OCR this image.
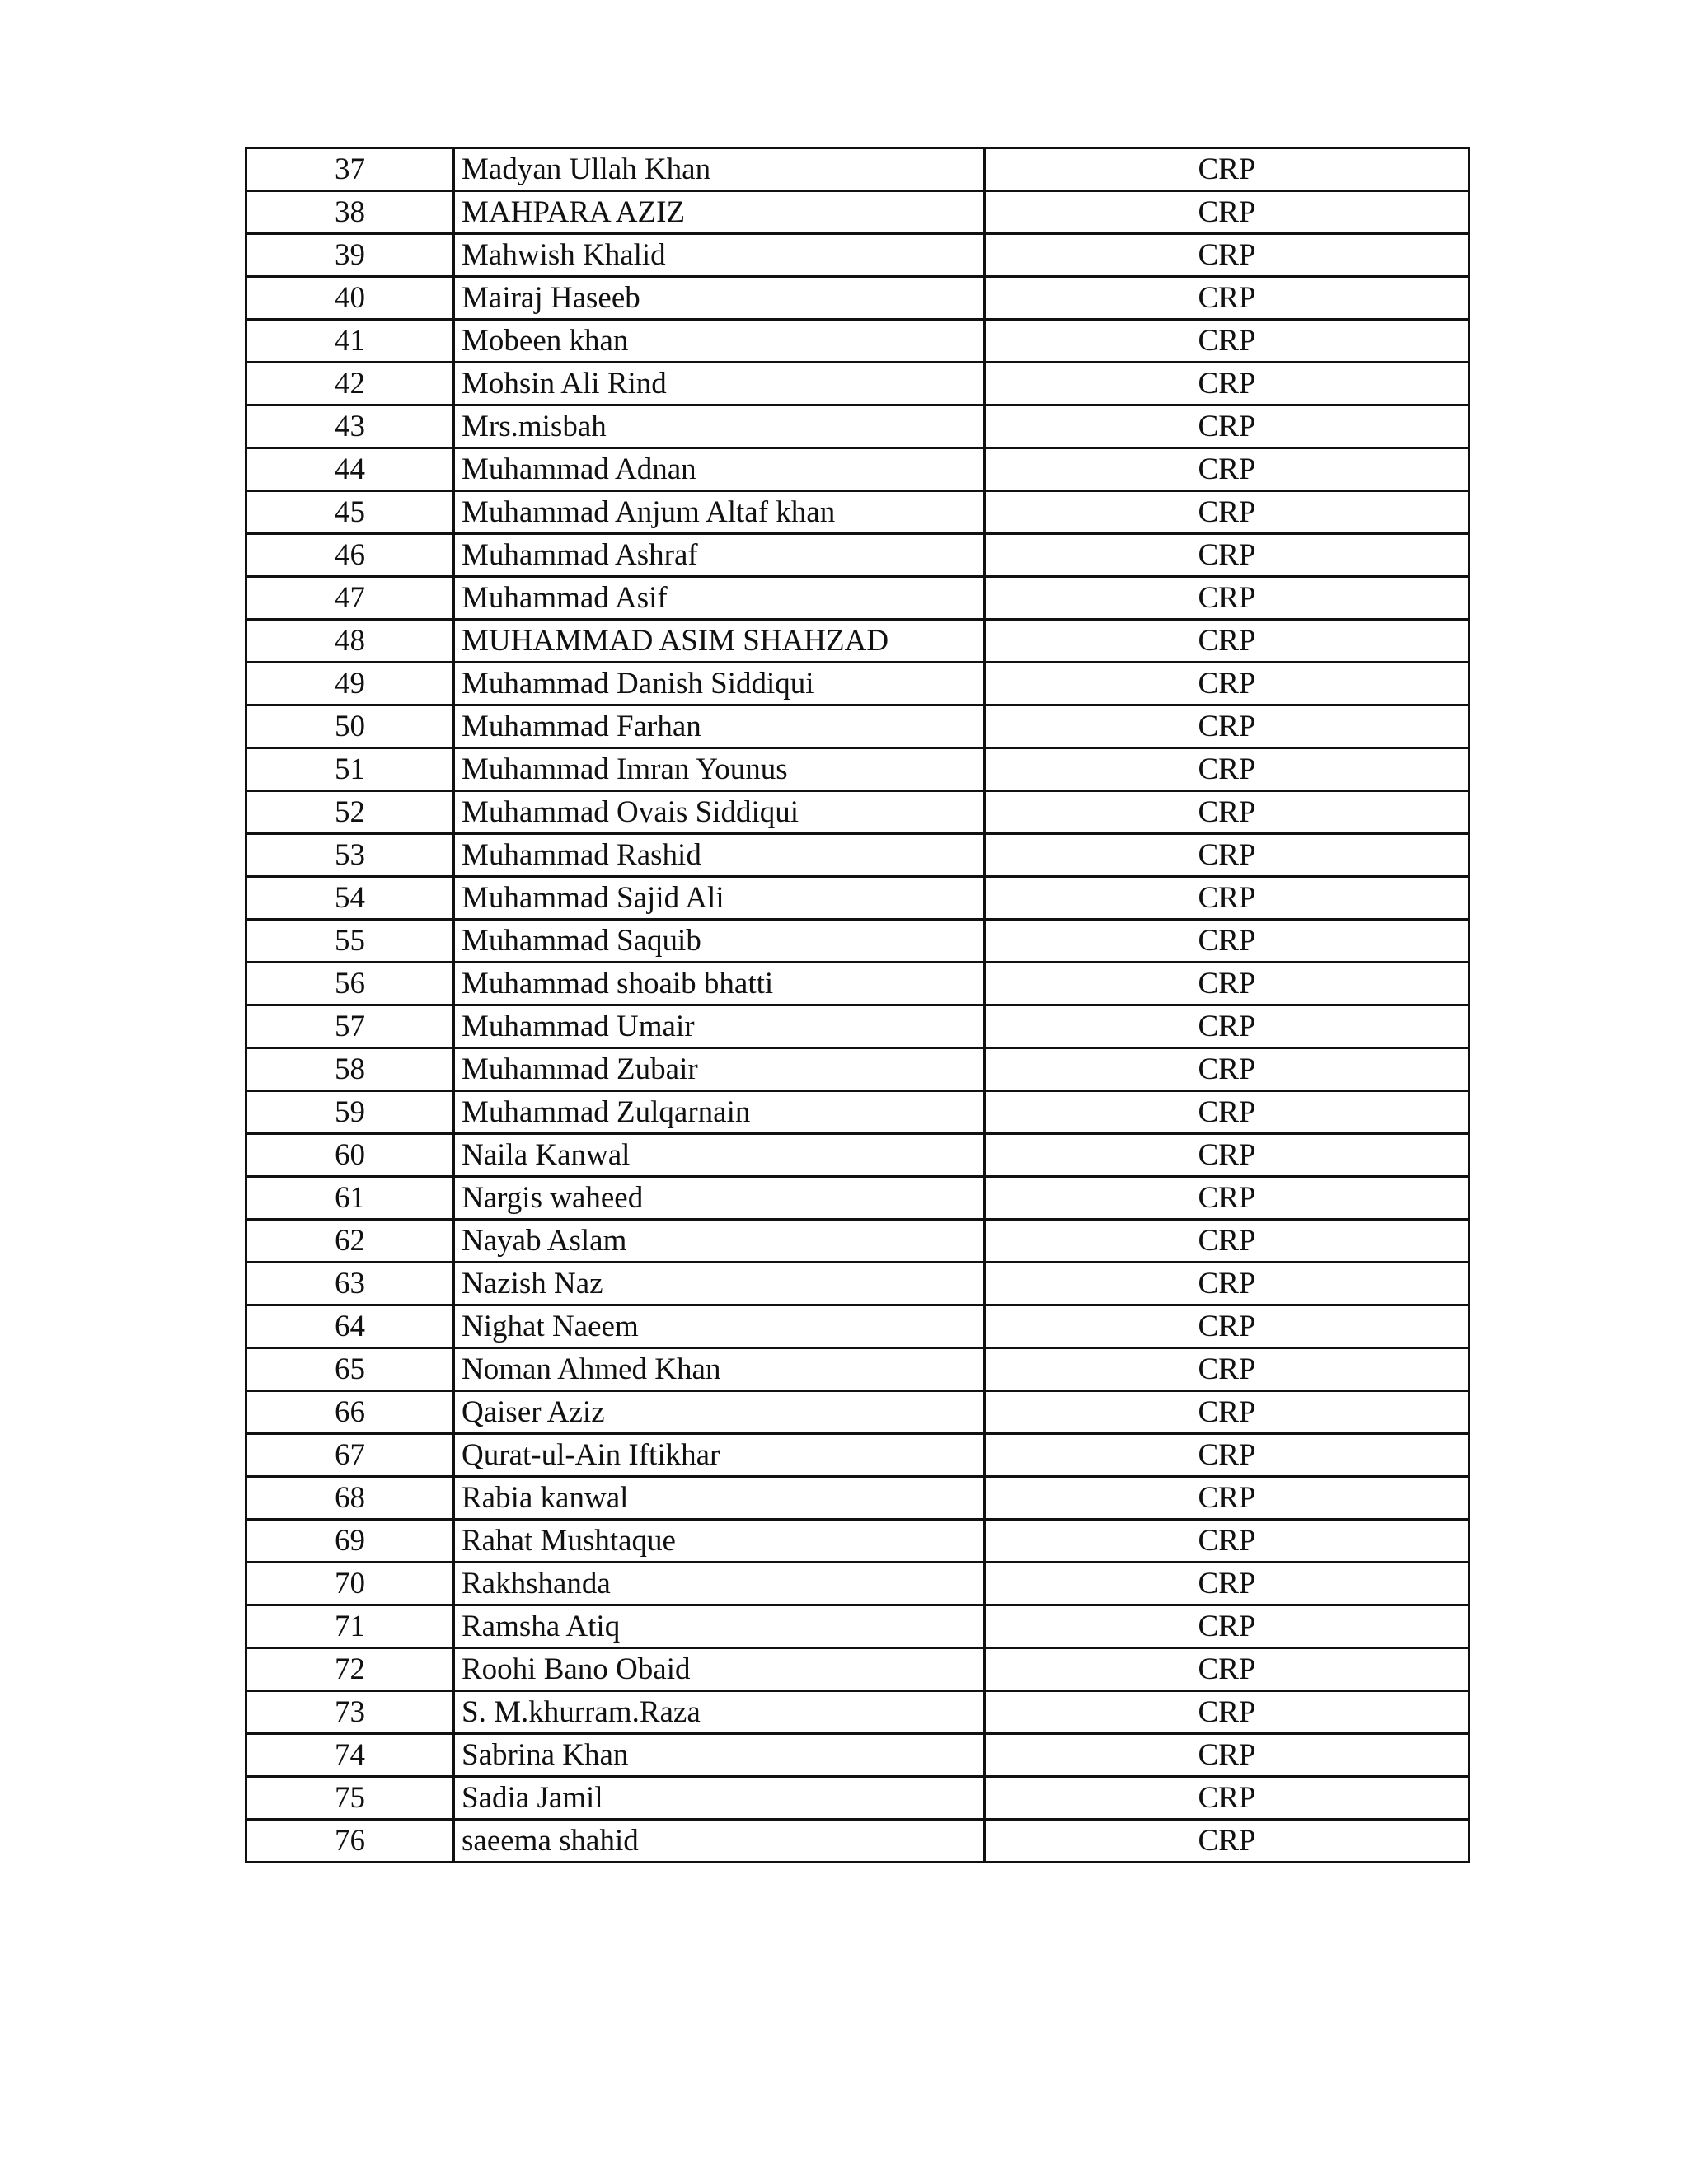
37	Madyan Ullah Khan	CRP
38	MAHPARA AZIZ	CRP
39	Mahwish Khalid	CRP
40	Mairaj Haseeb	CRP
41	Mobeen khan	CRP
42	Mohsin Ali Rind	CRP
43	Mrs.misbah	CRP
44	Muhammad Adnan	CRP
45	Muhammad Anjum Altaf khan	CRP
46	Muhammad Ashraf	CRP
47	Muhammad Asif	CRP
48	MUHAMMAD ASIM SHAHZAD	CRP
49	Muhammad Danish Siddiqui	CRP
50	Muhammad Farhan	CRP
51	Muhammad Imran Younus	CRP
52	Muhammad Ovais Siddiqui	CRP
53	Muhammad Rashid	CRP
54	Muhammad Sajid Ali	CRP
55	Muhammad Saquib	CRP
56	Muhammad shoaib bhatti	CRP
57	Muhammad Umair	CRP
58	Muhammad Zubair	CRP
59	Muhammad Zulqarnain	CRP
60	Naila Kanwal	CRP
61	Nargis waheed	CRP
62	Nayab Aslam	CRP
63	Nazish Naz	CRP
64	Nighat Naeem	CRP
65	Noman Ahmed Khan	CRP
66	Qaiser Aziz	CRP
67	Qurat-ul-Ain Iftikhar	CRP
68	Rabia kanwal	CRP
69	Rahat Mushtaque	CRP
70	Rakhshanda	CRP
71	Ramsha Atiq	CRP
72	Roohi Bano Obaid	CRP
73	S. M.khurram.Raza	CRP
74	Sabrina Khan	CRP
75	Sadia Jamil	CRP
76	saeema shahid	CRP
